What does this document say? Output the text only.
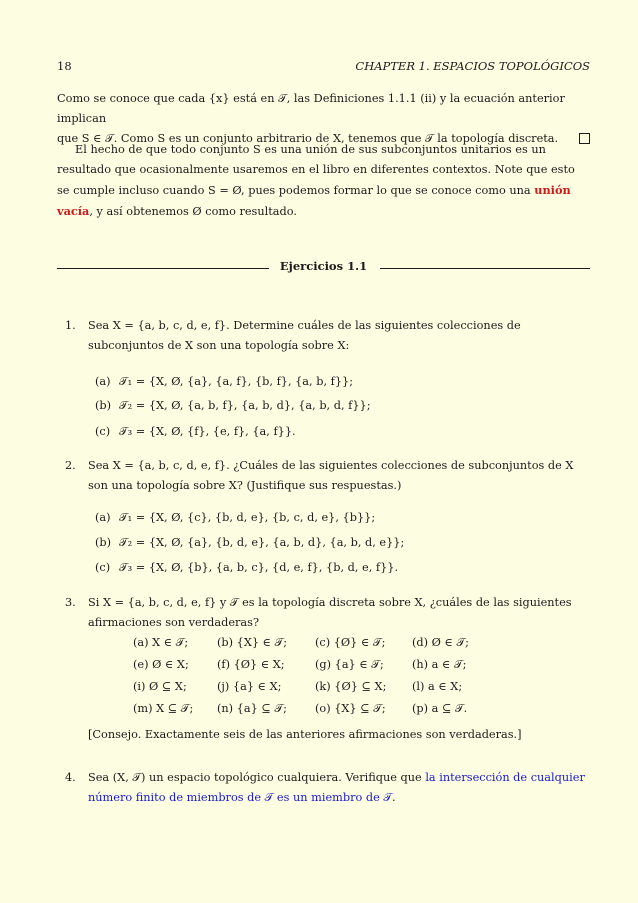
18	CHAPTER 1. ESPACIOS TOPOLÓGICOS
Como se conoce que cada {x} está en 𝒯, las Definiciones 1.1.1 (ii) y la ecuación anterior implican
que S ∈ 𝒯. Como S es un conjunto arbitrario de X, tenemos que 𝒯 la topología discreta.
El hecho de que todo conjunto S es una unión de sus subconjuntos unitarios es un resultado que ocasionalmente usaremos en el libro en diferentes contextos. Note que esto se cumple incluso cuando S = Ø, pues podemos formar lo que se conoce como una unión vacía, y así obtenemos Ø como resultado.
Ejercicios 1.1
1. Sea X = {a, b, c, d, e, f}. Determine cuáles de las siguientes colecciones de subconjuntos de X son una topología sobre X:
(a) 𝒯₁ = {X, Ø, {a}, {a, f}, {b, f}, {a, b, f}};
(b) 𝒯₂ = {X, Ø, {a, b, f}, {a, b, d}, {a, b, d, f}};
(c) 𝒯₃ = {X, Ø, {f}, {e, f}, {a, f}}.
2. Sea X = {a, b, c, d, e, f}. ¿Cuáles de las siguientes colecciones de subconjuntos de X son una topología sobre X? (Justifique sus respuestas.)
(a) 𝒯₁ = {X, Ø, {c}, {b, d, e}, {b, c, d, e}, {b}};
(b) 𝒯₂ = {X, Ø, {a}, {b, d, e}, {a, b, d}, {a, b, d, e}};
(c) 𝒯₃ = {X, Ø, {b}, {a, b, c}, {d, e, f}, {b, d, e, f}}.
3. Si X = {a, b, c, d, e, f} y 𝒯 es la topología discreta sobre X, ¿cuáles de las siguientes afirmaciones son verdaderas?
(a) X ∈ 𝒯;	(b) {X} ∈ 𝒯; (c) {Ø} ∈ 𝒯; (d) Ø ∈ 𝒯;
(e) Ø ∈ X;	(f) {Ø} ∈ X;	(g) {a} ∈ 𝒯; (h) a ∈ 𝒯;
(i) Ø ⊆ X;	(j) {a} ∈ X;	(k) {Ø} ⊆ X; (l) a ∈ X;
(m) X ⊆ 𝒯; (n) {a} ⊆ 𝒯; (o) {X} ⊆ 𝒯; (p) a ⊆ 𝒯.
[Consejo. Exactamente seis de las anteriores afirmaciones son verdaderas.]
4. Sea (X, 𝒯) un espacio topológico cualquiera. Verifique que la intersección de cualquier número finito de miembros de 𝒯 es un miembro de 𝒯.
